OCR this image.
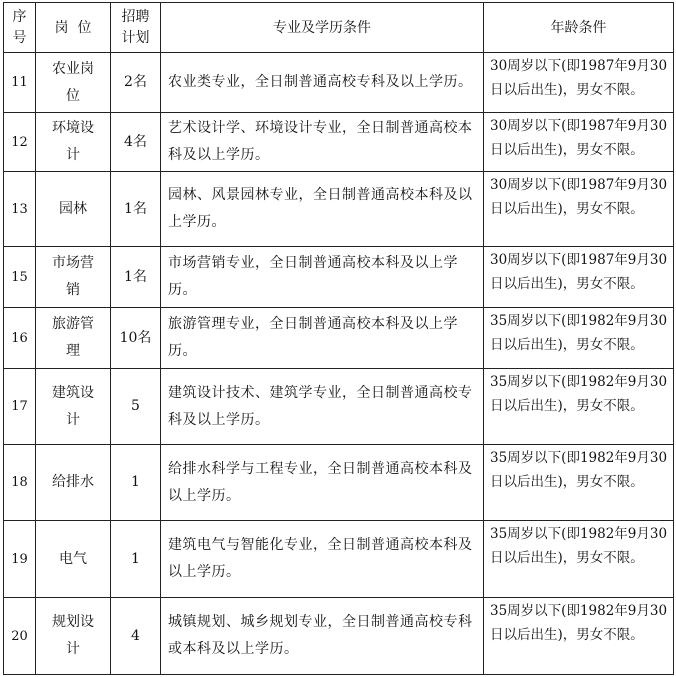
序号	岗  位	招聘计划	专业及学历条件	年龄条件
11	农业岗位	2名	农业类专业，全日制普通高校专科及以上学历。	30周岁以下(即1987年9月30日以后出生)，男女不限。
12	环境设计	4名	艺术设计学、环境设计专业，全日制普通高校本科及以上学历。	30周岁以下(即1987年9月30日以后出生)，男女不限。
13	园林	1名	园林、风景园林专业，全日制普通高校本科及以上学历。	30周岁以下(即1987年9月30日以后出生)，男女不限。
15	市场营销	1名	市场营销专业，全日制普通高校本科及以上学历。	30周岁以下(即1987年9月30日以后出生)，男女不限。
16	旅游管理	10名	旅游管理专业，全日制普通高校本科及以上学历。	35周岁以下(即1982年9月30日以后出生)，男女不限。
17	建筑设计	5	建筑设计技术、建筑学专业，全日制普通高校专科及以上学历。	35周岁以下(即1982年9月30日以后出生)，男女不限。
18	给排水	1	给排水科学与工程专业，全日制普通高校本科及以上学历。	35周岁以下(即1982年9月30日以后出生)，男女不限。
19	电气	1	建筑电气与智能化专业，全日制普通高校本科及以上学历。	35周岁以下(即1982年9月30日以后出生)，男女不限。
20	规划设计	4	城镇规划、城乡规划专业，全日制普通高校专科或本科及以上学历。	35周岁以下(即1982年9月30日以后出生)，男女不限。
